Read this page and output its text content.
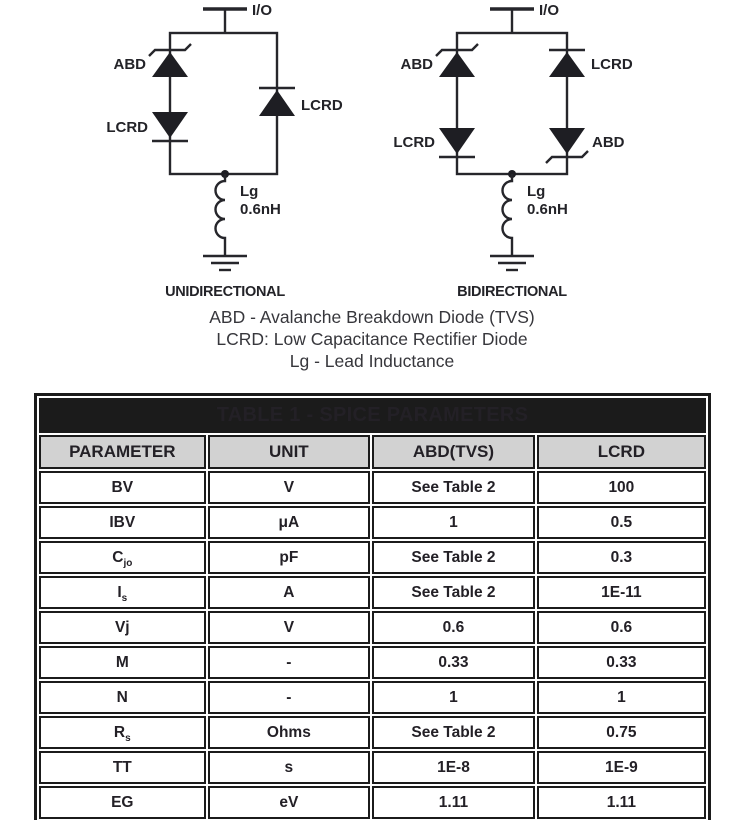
I/O
ABD
LCRD
LCRD
Lg
0.6nH
UNIDIRECTIONAL
I/O
ABD
LCRD
LCRD
ABD
Lg
0.6nH
BIDIRECTIONAL
ABD - Avalanche Breakdown Diode (TVS)
LCRD: Low Capacitance Rectifier Diode
Lg - Lead Inductance
TABLE 1 - SPICE PARAMETERS			
PARAMETER	UNIT	ABD(TVS)	LCRD
BV	V	See Table 2	100
IBV	μA	1	0.5
$C_{jo}$	pF	See Table 2	0.3
$I_s$	A	See Table 2	1E-11
Vj	V	0.6	0.6
M	-	0.33	0.33
N	-	1	1
$R_s$	Ohms	See Table 2	0.75
TT	s	1E-8	1E-9
EG	eV	1.11	1.11
